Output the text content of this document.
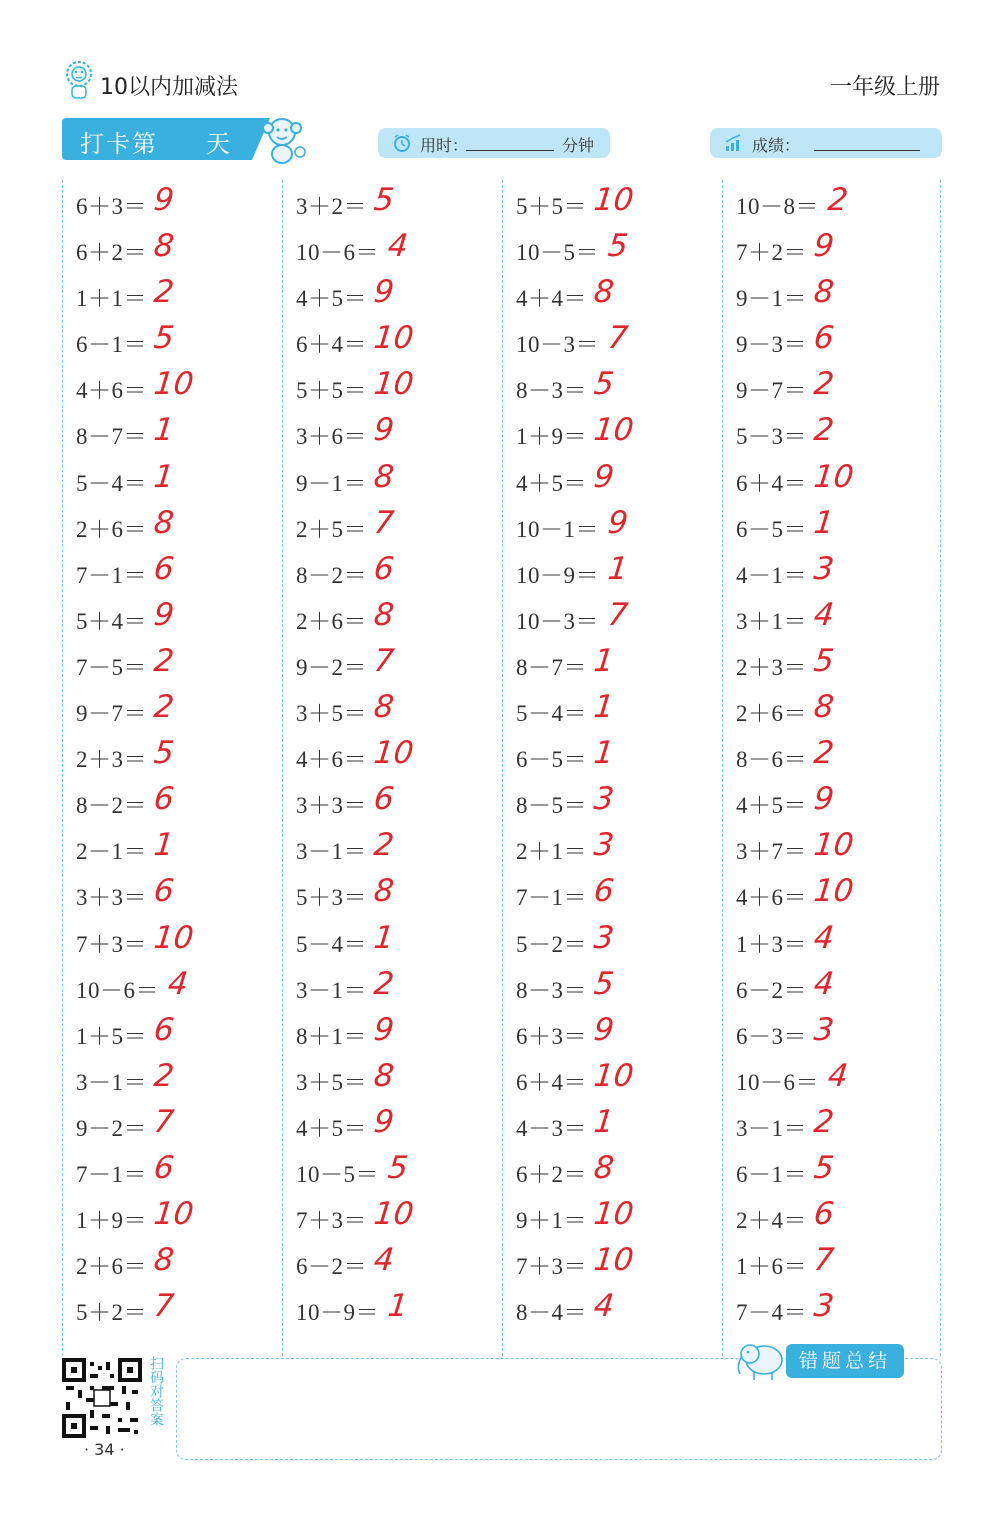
10以内加减法	一年级上册
打卡第 天	用时：	分钟	成绩：
6＋3＝ 9
6＋2＝ 8
1＋1＝ 2
6－1＝ 5
4＋6＝ 10
8－7＝ 1
5－4＝ 1
2＋6＝ 8
7－1＝ 6
5＋4＝ 9
7－5＝ 2
9－7＝ 2
2＋3＝ 5
8－2＝ 6
2－1＝ 1
3＋3＝ 6
7＋3＝ 10
10－6＝ 4
1＋5＝ 6
3－1＝ 2
9－2＝ 7
7－1＝ 6
1＋9＝ 10
2＋6＝ 8
5＋2＝ 7
3＋2＝ 5
10－6＝ 4
4＋5＝ 9
6＋4＝ 10
5＋5＝ 10
3＋6＝ 9
9－1＝ 8
2＋5＝ 7
8－2＝ 6
2＋6＝ 8
9－2＝ 7
3＋5＝ 8
4＋6＝ 10
3＋3＝ 6
3－1＝ 2
5＋3＝ 8
5－4＝ 1
3－1＝ 2
8＋1＝ 9
3＋5＝ 8
4＋5＝ 9
10－5＝ 5
7＋3＝ 10
6－2＝ 4
10－9＝ 1
5＋5＝ 10
10－5＝ 5
4＋4＝ 8
10－3＝ 7
8－3＝ 5
1＋9＝ 10
4＋5＝ 9
10－1＝ 9
10－9＝ 1
10－3＝ 7
8－7＝ 1
5－4＝ 1
6－5＝ 1
8－5＝ 3
2＋1＝ 3
7－1＝ 6
5－2＝ 3
8－3＝ 5
6＋3＝ 9
6＋4＝ 10
4－3＝ 1
6＋2＝ 8
9＋1＝ 10
7＋3＝ 10
8－4＝ 4
10－8＝ 2
7＋2＝ 9
9－1＝ 8
9－3＝ 6
9－7＝ 2
5－3＝ 2
6＋4＝ 10
6－5＝ 1
4－1＝ 3
3＋1＝ 4
2＋3＝ 5
2＋6＝ 8
8－6＝ 2
4＋5＝ 9
3＋7＝ 10
4＋6＝ 10
1＋3＝ 4
6－2＝ 4
6－3＝ 3
10－6＝ 4
3－1＝ 2
6－1＝ 5
2＋4＝ 6
1＋6＝ 7
7－4＝ 3
错题总结
扫码对答案
· 34 ·
